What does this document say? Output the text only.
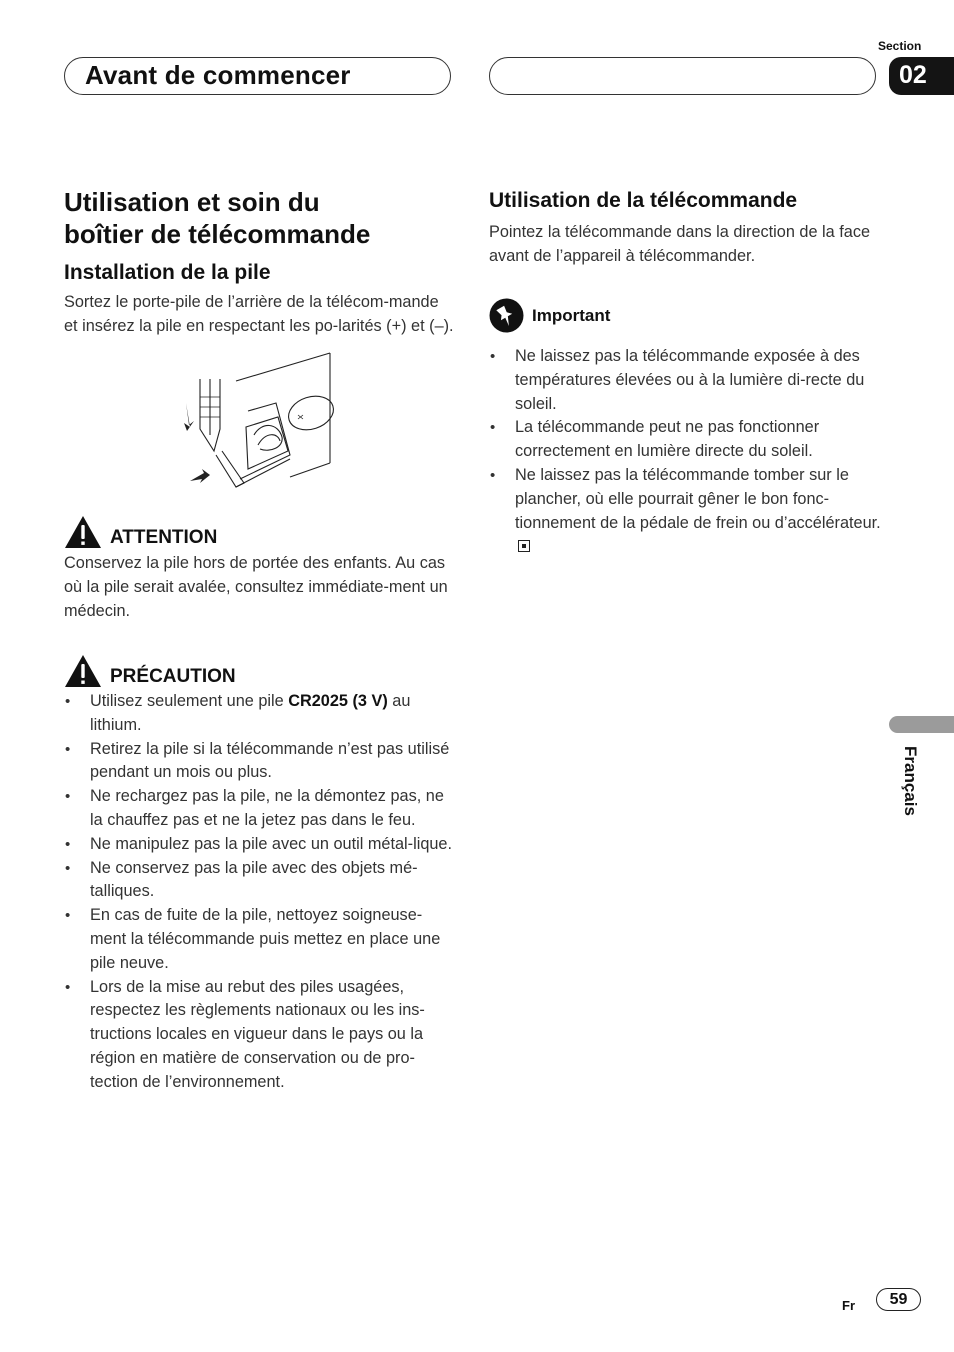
Avant de commencer
Section
02
Utilisation et soin du
boîtier de télécommande
Installation de la pile

Sortez le porte-pile de l’arrière de la télécom-mande et insérez la pile en respectant les po-larités (+) et (–).

ATTENTION

Conservez la pile hors de portée des enfants. Au cas où la pile serait avalée, consultez immédiate-ment un médecin.

PRÉCAUTION
• Utilisez seulement une pile CR2025 (3 V) au lithium.
• Retirez la pile si la télécommande n’est pas utilisé pendant un mois ou plus.
• Ne rechargez pas la pile, ne la démontez pas, ne la chauffez pas et ne la jetez pas dans le feu.
• Ne manipulez pas la pile avec un outil métal-lique.
• Ne conservez pas la pile avec des objets mé-talliques.
• En cas de fuite de la pile, nettoyez soigneuse-ment la télécommande puis mettez en place une pile neuve.
• Lors de la mise au rebut des piles usagées, respectez les règlements nationaux ou les ins-tructions locales en vigueur dans le pays ou la région en matière de conservation ou de pro-tection de l’environnement.
Utilisation de la télécommande

Pointez la télécommande dans la direction de la face avant de l’appareil à télécommander.

Important
• Ne laissez pas la télécommande exposée à des températures élevées ou à la lumière di-recte du soleil.
• La télécommande peut ne pas fonctionner correctement en lumière directe du soleil.
• Ne laissez pas la télécommande tomber sur le plancher, où elle pourrait gêner le bon fonc-tionnement de la pédale de frein ou d’accélérateur.
Français
Fr	59
